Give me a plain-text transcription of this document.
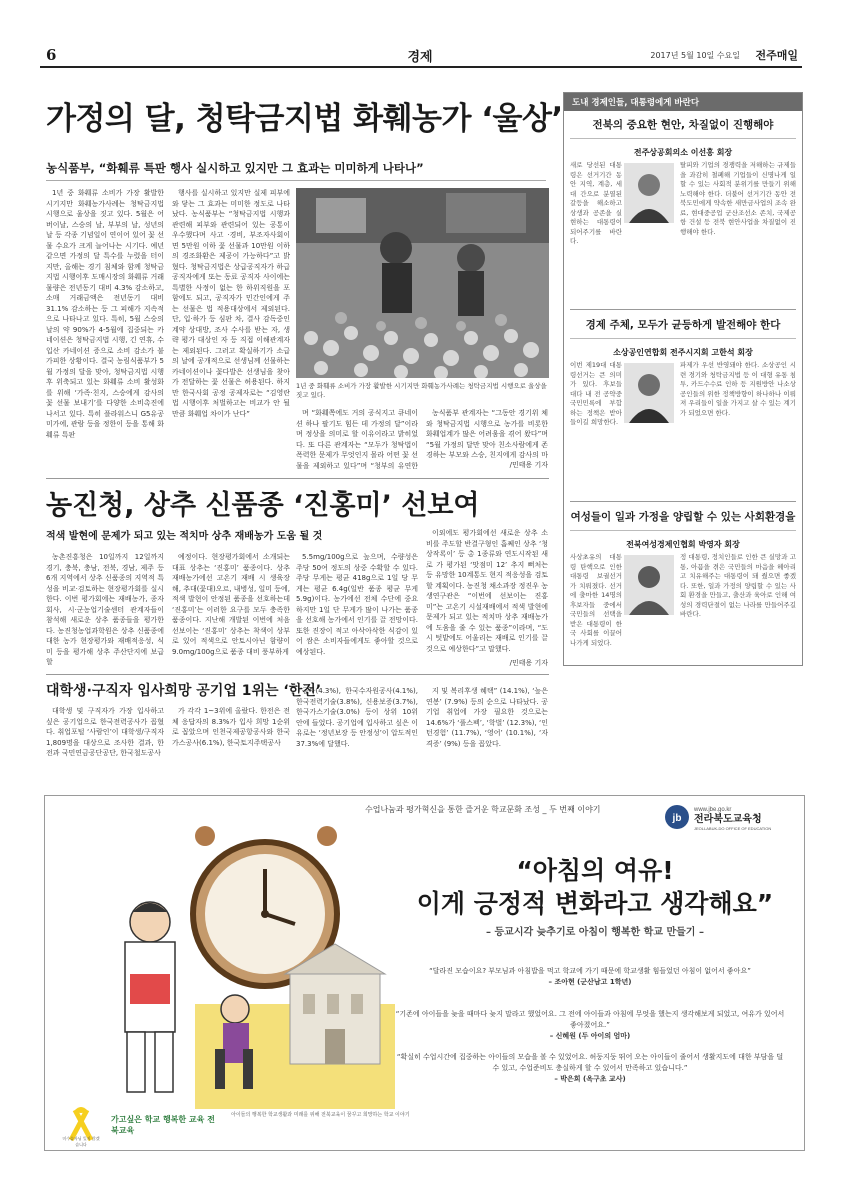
6	경제	2017년 5월 10일 수요일 전주매일
가정의 달, 청탁금지법 화훼농가 ‘울상’
농식품부, “화훼류 특판 행사 실시하고 있지만 그 효과는 미미하게 나타나”

1년 중 화훼류 소비가 가장 활발한 시기지만 화훼농가사례는 청탁금지법 시행으로 울상을 짓고 있다. 5월은 어버이날, 스승의 날, 부부의 날, 성년의 날 등 각종 기념일이 연이어 있어 꽃 선물 수요가 크게 늘어나는 시기다. 예년 같으면 가정의 달 특수를 누렸을 터이지만, 올해는 경기 침체와 함께 청탁금지법 시행이후 도매시장의 화훼류 거래물량은 전년동기 대비 4.3% 감소하고, 소매 거래금액은 전년동기 대비 31.1% 감소하는 등 그 피해가 지속적으로 나타나고 있다. 특히, 5월 스승의날의 약 90%가 4-5월에 집중되는 카네이션은 청탁금지법 시행, 긴 연휴, 수입산 카네이션 증으로 소비 감소가 불가피한 상황이다. 결국 농림식품부가 5월 가정의 달을 맞아, 청탁금지법 시행 후 위축되고 있는 화훼류 소비 활성화를 위해 ‘가족·친지, 스승에게 감사의 꽃 선물 보내기’를 다양한 소비촉진에 나서고 있다. 특히 플라워스니 G5유공미가에, 관람 등을 정한이 등을 통해 화훼류 특판

행사를 실시하고 있지만 실제 피부에 와 닿는 그 효과는 미미한 정도로 나타났다. 농식품부는 “청탁금지법 시행과 관련해 피부와 관련되어 있는 공통이 우수했다며 사고 ·경비, 부조자사회이면 5만원 이하 꽃 선물과 10만원 이하의 경조화환은 제공이 가능하다”고 밝혔다. 청탁금지법은 상급공직자가 하급 공직자에게 또는 동료 공직자 사이에는 특별한 사정이 없는 한 하위직원을 포함에도 되고, 공직자가 민간인에게 주는 선물은 법 적용대상에서 제외된다. 단, 입·하가 등 심판 차, 결사 감독중인 계약 상대방, 조사 수사를 받는 자, 생략 평가 대상인 자 등 직접 이해관계자는 제외된다. 그러고 확실하기가 소급의 날에 공개적으로 선생님께 선물하는 카네이션이나 꽃다발은 선생님을 찾아가 전달하는 꽃 선물은 허용된다. 하지만 한국사회 공정 공제자로는 “김영란법 시행이후 처벌하고는 비교가 안 될 만큼 화훼업 차이가 난다”

1년 중 화훼류 소비가 가장 활발한 시기지만 화훼농가사례는 청탁금지법 시행으로 울상을 짓고 있다.

며 “화훼쪽에도 거의 공식지고 큐네이션 하나 팔기도 힘든 데 가정의 달”이라며 정상을 의미로 할 이유이라고 밝히었다. 또 다른 관계자는 “모두가 청탁법이 폭력한 문제가 무엇인지 몰라 어떤 꽃 선물을 제외하고 있다”며 “청부의 유연한

농식품부 관계자는 “그동안 경기위 체와 청탁금지법 시행으로 농가를 비롯한 화훼업계가 많은 어려움을 겪어 왔다”며 “5월 가정의 달만 맞아 친소사람에게 존경하는 부모와 스승, 친지에게 감사의 마

/민태용 기자
농진청, 상추 신품종 ‘진홍미’ 선보여
적색 발현에 문제가 되고 있는 적치마 상추 재배농가 도움 될 것

농촌진흥청은 10일까지 12일까지 경기, 충북, 충남, 전북, 경남, 제주 등 6개 지역에서 상추 신품종의 지역적 특성을 비교·검토하는 현장평가회를 실시한다. 이번 평가회에는 재배농가, 종자회사, 시·군농업기술센터 관계자들이 참석해 새로운 상추 품종들을 평가한다. 농진청농업과학원은 상추 신품종에 대한 농가 현장평가와 재배적응성, 식미 등을 평가해 상추 주산단지에 보급할

예정이다. 현장평가회에서 소개되는 대표 상추는 ‘진홍미’ 품종이다. 상추 재배농가에선 고온기 재배 시 생육장해, 추대(꽃대)오르, 내병성, 일미 등에, 적색 발현이 안정된 품종을 선호하는데 ‘진홍미’는 이러한 요구를 모두 충족한 품종이다. 지난해 개발된 이번에 처음 선보이는 ‘진홍미’ 상추는 착색이 상부로 있어 적색으로 안토시아닌 함량이 9.0mg/100g으로 품종 대비 풍부하게

5.5mg/100g으로 높으며, 수량성은 주당 50여 정도의 상중 수확할 수 있다. 주당 무게는 평균 418g으로 1일 당 무게는 평균 6.4g(일반 품종 평균 무게 5.9g)이다. 농가에선 전체 수단에 중요하지만 1일 단 무게가 많이 나가는 품종을 선호해 농가에서 인기를 끌 전망이다. 또한 진장이 적고 아삭아삭한 식감이 있어 쌈은 소비자들에게도 좋아할 것으로 예상된다.

이외에도 평가회에선 새로운 상추 소비를 주도할 반결구형인 흡쩨인 상추 ‘청상작록이’ 등 총 1종류와 연도시작된 새로 가 평가된 ‘맛점미 12’ 추지 뻐처는 등 유망한 10계통도 현지 적응성을 검토할 계획이다. 농진청 채소과장 정진우 농생연구관은 “이번에 선보이는 진홍미”는 고온기 시설재배에서 적색 발현에 문제가 되고 있는 적치마 상추 재배농가에 도움을 줄 수 있는 품종”이라며, “도시 텃밭에도 어울리는 재배로 인기를 끌 것으로 예상한다”고 말했다.

/민태용 기자
대학생·구직자 입사희망 공기업 1위는 ‘한전’

대학생 및 구직자가 가장 입사하고 싶은 공기업으로 한국전력공사가 꼽혔다. 취업포털 ‘사람인’이 대학생/구직자 1,809명을 대상으로 조사한 결과, 한전과 국민연금공단공단, 한국철도공사

가 각각 1~3위에 올랐다. 한전은 전체 응답자의 8.3%가 입사 희망 1순위로 꼽았으며 인천국제공항공사와 한국가스공사(6.1%), 한국토지주택공사

공사(4.3%), 한국수자원공사(4.1%), 한국전력기술(3.8%), 신용보증(3.7%), 한국가스기술(3.0%) 등이 상위 10위 안에 들었다. 공기업에 입사하고 싶은 이유로는 ‘정년보장 등 안정성’이 압도적인 37.3%에 달했다.

지 및 복리후생 혜택” (14.1%), ‘높은 연봉’ (7.9%) 등의 순으로 나타났다. 공기업 취업에 가장 필요한 것으로는 14.6%가 ‘풀스펙’, ‘학벌’ (12.3%), ‘인턴경험’ (11.7%), ‘영어’ (10.1%), ‘자격증’ (9%) 등을 꼽았다.

도내 경제인들, 대통령에게 바란다
전북의 중요한 현안, 차질없이 진행해야
전주상공회의소 이선홍 회장
새로 당선된 대통령은 선거기간 동안 지역, 계층, 세대 간으로 분열된 갈등을 해소하고 상생과 공존을 실현하는 대통령이 되어주기를 바란다.
탈피와 기업의 경쟁력을 저해하는 규제들을 과감히 철폐해 기업들이 신명나게 일할 수 있는 사회적 분위기를 만들기 위해 노력해야 한다. 더불어 선거기간 동안 전북도민에게 약속한 새만금사업의 조속 완료, 현대중공업 군산조선소 존치, 국제공항 건설 등 전북 현안사업을 차질없이 진행해야 한다.
경제 주체, 모두가 균등하게 발전해야 한다
소상공인연합회 전주시지회 고한석 회장
이번 제19대 대통령선거는 큰 의미가 있다. 후보들 대다 내 전 공약중 국민민록에 부합하는 정책은 받아들이길 희망한다.
파제가 우선 반영돼야 한다. 소상공인 시련 경기와 청탁금지법 등 이 대형 유통 침투, 카드수수료 인하 등 지원방안 나소상공인들의 위한 정책방향이 하나하나 이뤄져 우리들이 일을 가지고 살 수 있는 계기가 되었으면 한다.
여성들이 일과 가정을 양립할 수 있는 사회환경을
전북여성경제인협회 박영자 회장
사상초유의 대통령 탄핵으로 인한 대통령 보궐선거가 치뤄졌다. 선거에 출마한 14명의 후보자들 중에서 국민들의 선택을 받은 대통령이 한국 사회를 이끌어 나가게 되었다.
정 대통령, 정치인들로 인한 큰 실망과 고통, 아픔을 겪은 국민들의 마음을 헤아리고 치유해주는 대통령이 돼 줬으면 좋겠다. 또한, 일과 가정의 양립할 수 있는 사회 환경을 만들고, 출산과 육아로 인해 여성의 경력단절이 없는 나라를 만들어주길 바란다.
수업나눔과 평가혁신을 통한 즐거운 학교문화 조성 _ 두 번째 이야기
jb
www.jbe.go.kr
전라북도교육청
JEOLLABUK-DO OFFICE OF EDUCATION
“아침의 여유!
이게 긍정적 변화라고 생각해요”
– 등교시각 늦추기로 아침이 행복한 학교 만들기 –
“달라진 모습이요? 부모님과 아침밥을 먹고 학교에 가기 때문에 학교생활 힘들었던 아침이 없어서 좋아요”
– 조아현 (군산남고 1학년)
“기존에 아이들을 늦을 때마다 늦지 말라고 했었어요. 그 전에 아이들과 아침에 무엇을 했는지 생각해보게 되었고, 여유가 있어서 좋아졌어요.”
– 신혜원 (두 아이의 엄마)
“확실히 수업시간에 집중하는 아이들의 모습을 볼 수 있었어요. 허둥지둥 뛰어 오는 아이들이 줄어서 생활지도에 대한 부담을 덜 수 있고, 수업준비도 충실하게 할 수 있어서 만족하고 있습니다.”
– 박은희 (옥구초 교사)
미수습자님 잊지 않겠습니다
가고싶은 학교 행복한 교육 전북교육
아이들의 행복한 학교생활과 미래를 위해 전북교육이 꿈꾸고 희망하는 학교 이야기
